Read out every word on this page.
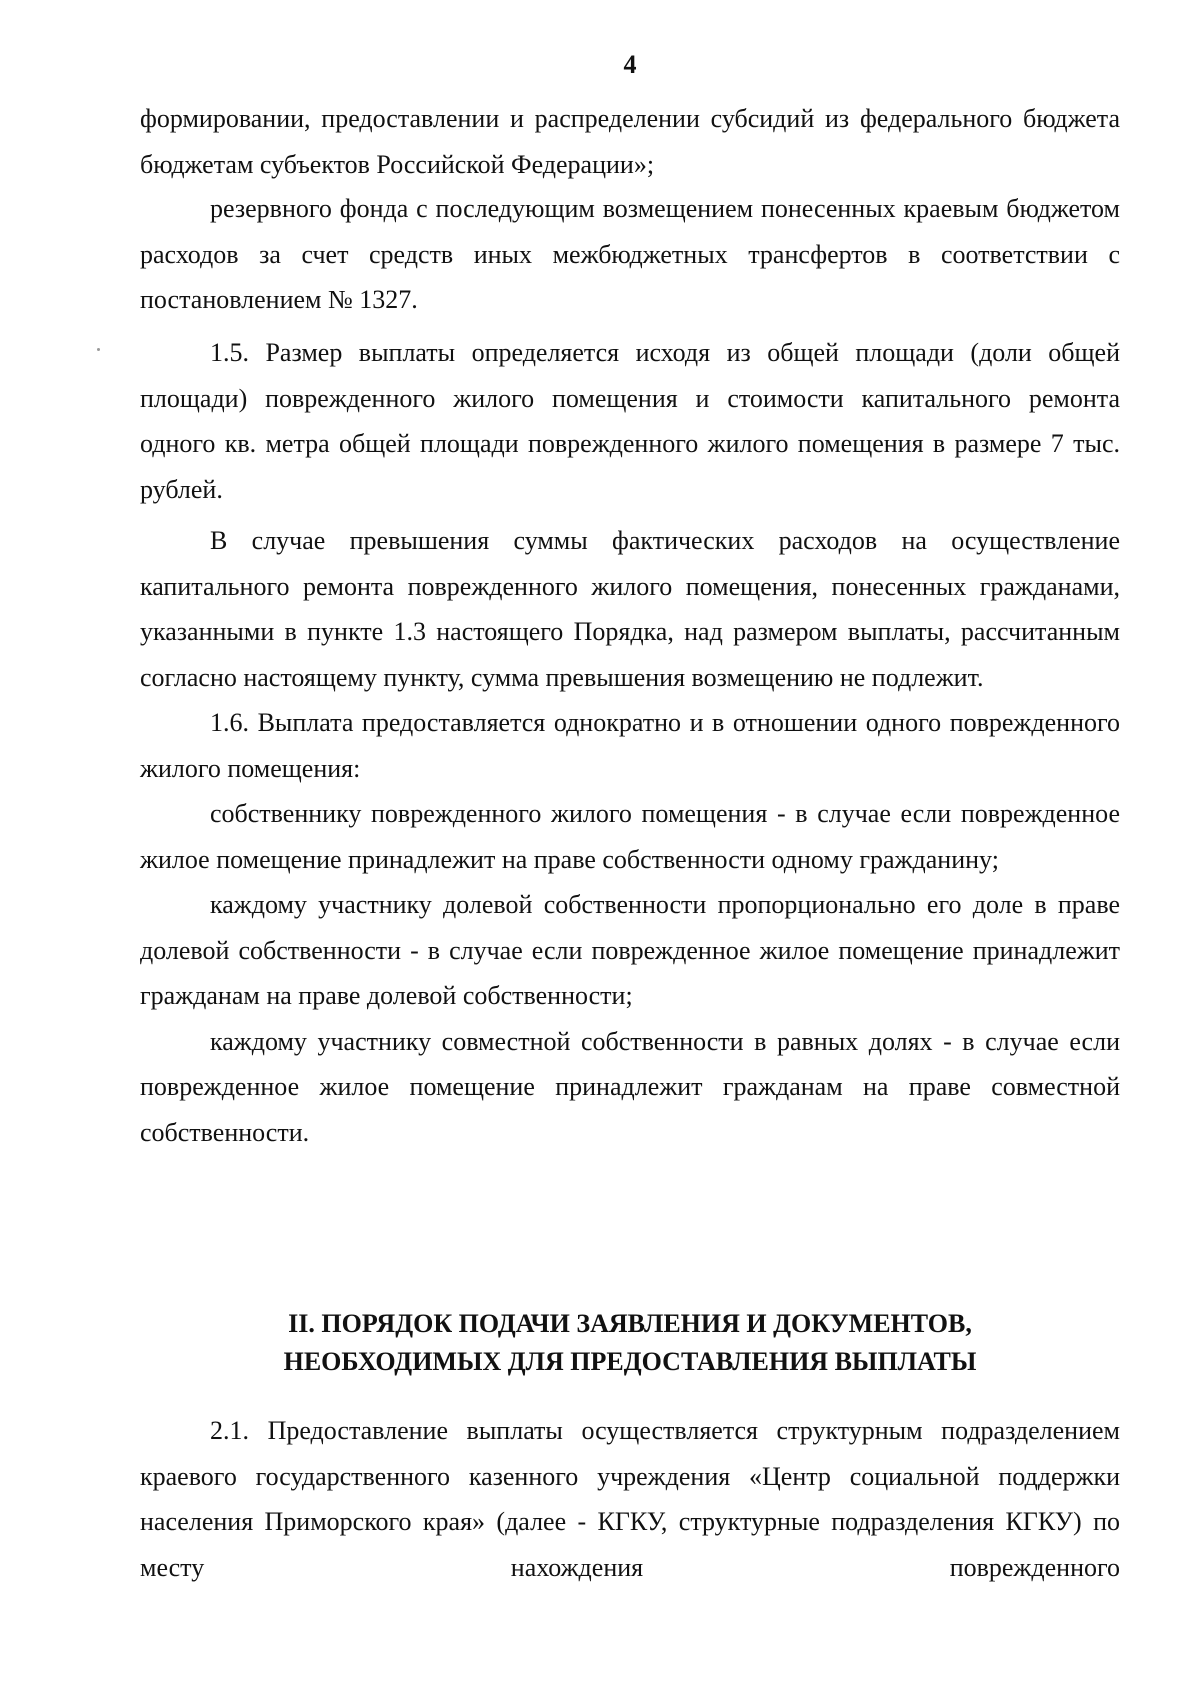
4

формировании, предоставлении и распределении субсидий из федерального бюджета бюджетам субъектов Российской Федерации»;

резервного фонда с последующим возмещением понесенных краевым бюджетом расходов за счет средств иных межбюджетных трансфертов в соответствии с постановлением № 1327.

1.5. Размер выплаты определяется исходя из общей площади (доли общей площади) поврежденного жилого помещения и стоимости капитального ремонта одного кв. метра общей площади поврежденного жилого помещения в размере 7 тыс. рублей.

В случае превышения суммы фактических расходов на осуществление капитального ремонта поврежденного жилого помещения, понесенных гражданами, указанными в пункте 1.3 настоящего Порядка, над размером выплаты, рассчитанным согласно настоящему пункту, сумма превышения возмещению не подлежит.

1.6. Выплата предоставляется однократно и в отношении одного поврежденного жилого помещения:

собственнику поврежденного жилого помещения - в случае если поврежденное жилое помещение принадлежит на праве собственности одному гражданину;

каждому участнику долевой собственности пропорционально его доле в праве долевой собственности - в случае если поврежденное жилое помещение принадлежит гражданам на праве долевой собственности;

каждому участнику совместной собственности в равных долях - в случае если поврежденное жилое помещение принадлежит гражданам на праве совместной собственности.

II. ПОРЯДОК ПОДАЧИ ЗАЯВЛЕНИЯ И ДОКУМЕНТОВ,
НЕОБХОДИМЫХ ДЛЯ ПРЕДОСТАВЛЕНИЯ ВЫПЛАТЫ

2.1. Предоставление выплаты осуществляется структурным подразделением краевого государственного казенного учреждения «Центр социальной поддержки населения Приморского края» (далее - КГКУ, структурные подразделения КГКУ) по месту нахождения поврежденного
